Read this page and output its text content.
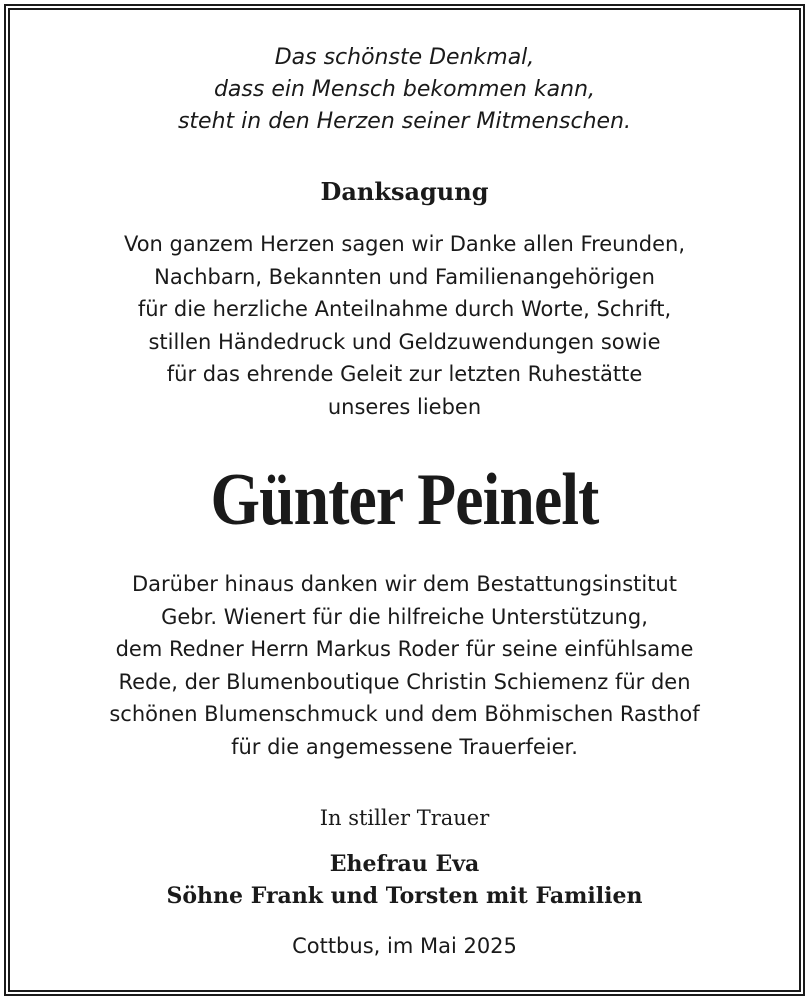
Das schönste Denkmal,
dass ein Mensch bekommen kann,
steht in den Herzen seiner Mitmenschen.
Danksagung
Von ganzem Herzen sagen wir Danke allen Freunden,
Nachbarn, Bekannten und Familienangehörigen
für die herzliche Anteilnahme durch Worte, Schrift,
stillen Händedruck und Geldzuwendungen sowie
für das ehrende Geleit zur letzten Ruhestätte
unseres lieben
Günter Peinelt
Darüber hinaus danken wir dem Bestattungsinstitut
Gebr. Wienert für die hilfreiche Unterstützung,
dem Redner Herrn Markus Roder für seine einfühlsame
Rede, der Blumenboutique Christin Schiemenz für den
schönen Blumenschmuck und dem Böhmischen Rasthof
für die angemessene Trauerfeier.
In stiller Trauer
Ehefrau Eva
Söhne Frank und Torsten mit Familien
Cottbus, im Mai 2025
